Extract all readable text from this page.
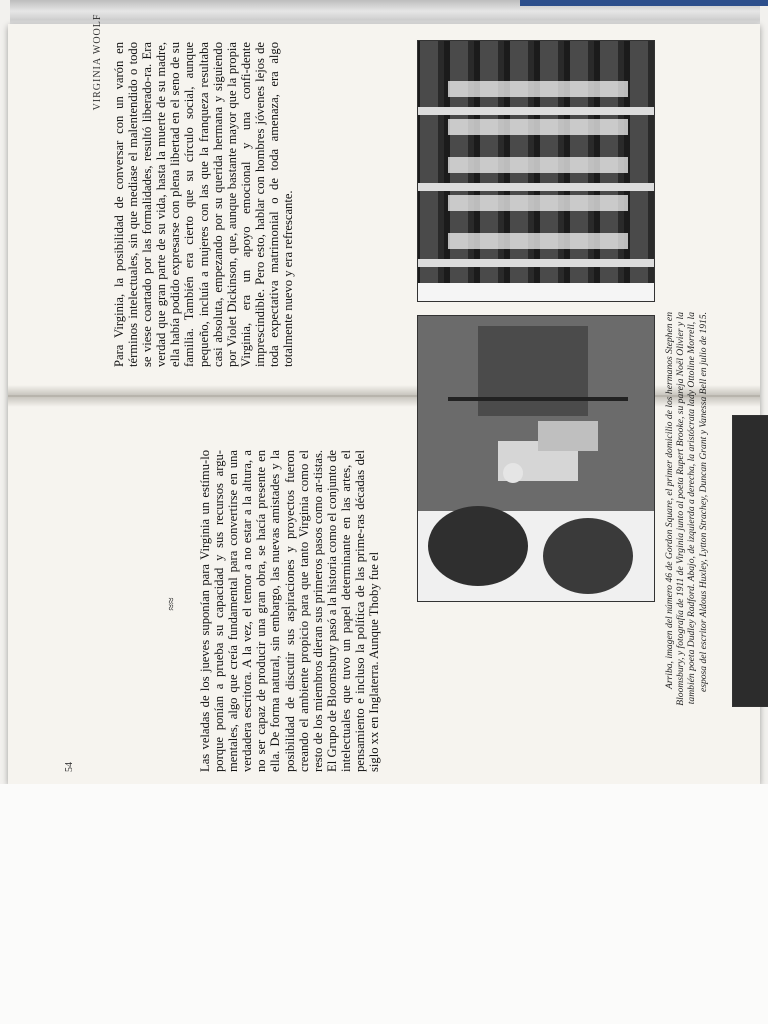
VIRGINIA WOOLF
54

Para Virginia, la posibilidad de conversar con un varón en términos intelectuales, sin que mediase el malentendido o todo se viese coartado por las formalidades, resultó liberado-ra. Era verdad que gran parte de su vida, hasta la muerte de su madre, ella había podido expresarse con plena libertad en el seno de su familia. También era cierto que su círculo social, aunque pequeño, incluía a mujeres con las que la franqueza resultaba casi absoluta, empezando por su querida hermana y siguiendo por Violet Dickinson, que, aunque bastante mayor que la propia Virginia, era un apoyo emocional y una confi-dente imprescindible. Pero esto, hablar con hombres jóvenes lejos de toda expectativa matrimonial o de toda amenaza, era algo totalmente nuevo y era refrescante.

≈≈ Las veladas de los jueves suponían para Virginia un estímu-lo porque ponían a prueba su capacidad y sus recursos argu-mentales, algo que creía fundamental para convertirse en una verdadera escritora. A la vez, el temor a no estar a la altura, a no ser capaz de producir una gran obra, se hacía presente en ella. De forma natural, sin embargo, las nuevas amistades y la posibilidad de discutir sus aspiraciones y proyectos fueron creando el ambiente propicio para que tanto Virginia como el resto de los miembros dieran sus primeros pasos como ar-tistas. El Grupo de Bloomsbury pasó a la historia como el conjunto de intelectuales que tuvo un papel determinante en las artes, el pensamiento e incluso la política de las prime-ras décadas del siglo xx en Inglaterra. Aunque Thoby fue el	Arriba, imagen del número 46 de Gordon Square, el primer domicilio de los hermanos Stephen en Bloomsbury, y fotografía de 1911 de Virginia junto al poeta Rupert Brooke, su pareja Noël Olivier y la también poeta Dudley Radford. Abajo, de izquierda a derecha, la aristócrata lady Ottoline Morrell, la esposa del escritor Aldous Huxley, Lytton Strachey, Duncan Grant y Vanessa Bell en julio de 1915.
